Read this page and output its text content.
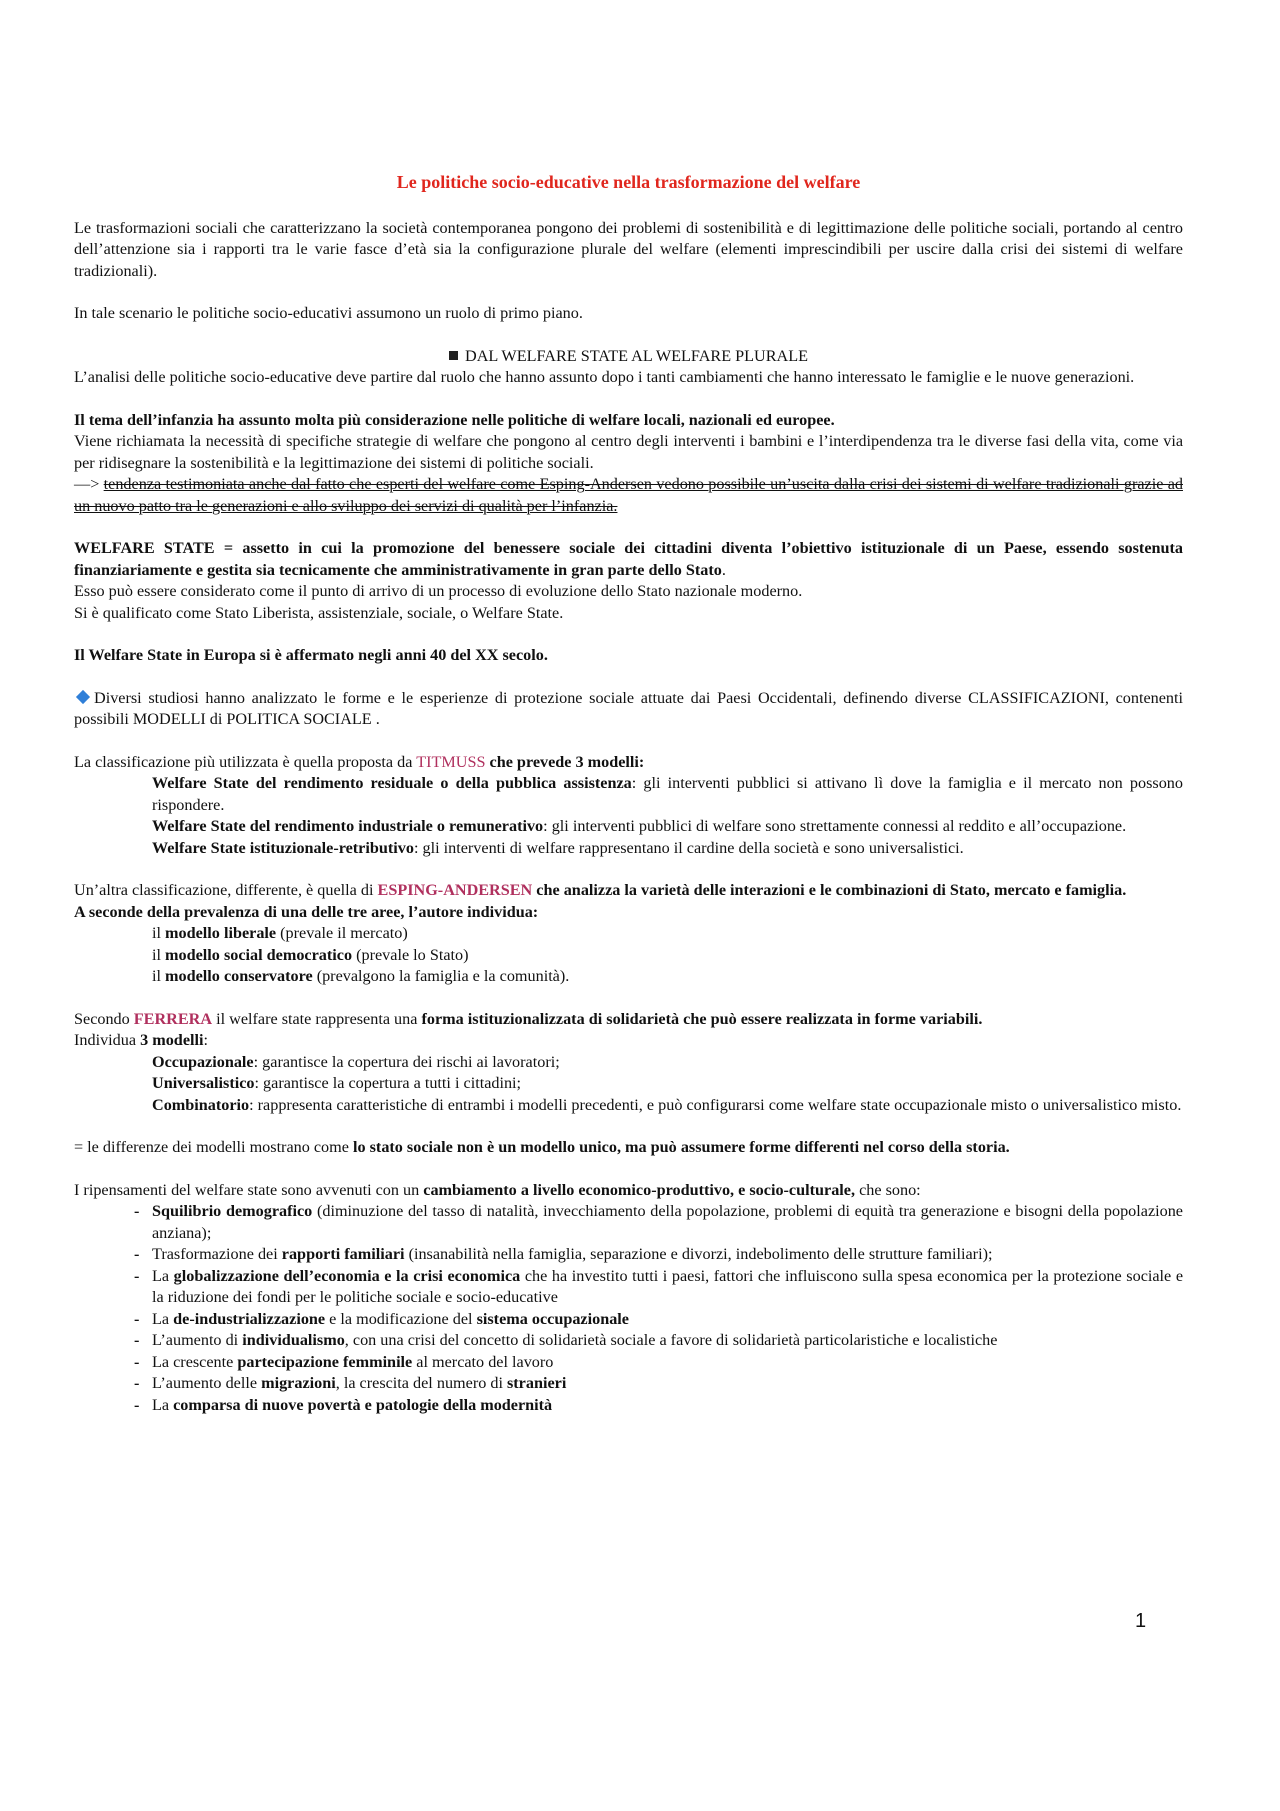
Le politiche socio-educative nella trasformazione del welfare

Le trasformazioni sociali che caratterizzano la società contemporanea pongono dei problemi di sostenibilità e di legittimazione delle politiche sociali, portando al centro dell’attenzione sia i rapporti tra le varie fasce d’età sia la configurazione plurale del welfare (elementi imprescindibili per uscire dalla crisi dei sistemi di welfare tradizionali).

In tale scenario le politiche socio-educativi assumono un ruolo di primo piano.

DAL WELFARE STATE AL WELFARE PLURALE

L’analisi delle politiche socio-educative deve partire dal ruolo che hanno assunto dopo i tanti cambiamenti che hanno interessato le famiglie e le nuove generazioni.

Il tema dell’infanzia ha assunto molta più considerazione nelle politiche di welfare locali, nazionali ed europee.

Viene richiamata la necessità di specifiche strategie di welfare che pongono al centro degli interventi i bambini e l’interdipendenza tra le diverse fasi della vita, come via per ridisegnare la sostenibilità e la legittimazione dei sistemi di politiche sociali.

—> tendenza testimoniata anche dal fatto che esperti del welfare come Esping-Andersen vedono possibile un’uscita dalla crisi dei sistemi di welfare tradizionali grazie ad un nuovo patto tra le generazioni e allo sviluppo dei servizi di qualità per l’infanzia.

WELFARE STATE = assetto in cui la promozione del benessere sociale dei cittadini diventa l’obiettivo istituzionale di un Paese, essendo sostenuta finanziariamente e gestita sia tecnicamente che amministrativamente in gran parte dello Stato.

Esso può essere considerato come il punto di arrivo di un processo di evoluzione dello Stato nazionale moderno.

Si è qualificato come Stato Liberista, assistenziale, sociale, o Welfare State.

Il Welfare State in Europa si è affermato negli anni 40 del XX secolo.

Diversi studiosi hanno analizzato le forme e le esperienze di protezione sociale attuate dai Paesi Occidentali, definendo diverse CLASSIFICAZIONI, contenenti possibili MODELLI di POLITICA SOCIALE .

La classificazione più utilizzata è quella proposta da TITMUSS che prevede 3 modelli:

Welfare State del rendimento residuale o della pubblica assistenza: gli interventi pubblici si attivano lì dove la famiglia e il mercato non possono rispondere.

Welfare State del rendimento industriale o remunerativo: gli interventi pubblici di welfare sono strettamente connessi al reddito e all’occupazione.

Welfare State istituzionale-retributivo: gli interventi di welfare rappresentano il cardine della società e sono universalistici.

Un’altra classificazione, differente, è quella di ESPING-ANDERSEN che analizza la varietà delle interazioni e le combinazioni di Stato, mercato e famiglia.

A seconde della prevalenza di una delle tre aree, l’autore individua:

il modello liberale (prevale il mercato)

il modello social democratico (prevale lo Stato)

il modello conservatore (prevalgono la famiglia e la comunità).

Secondo FERRERA il welfare state rappresenta una forma istituzionalizzata di solidarietà che può essere realizzata in forme variabili.

Individua 3 modelli:

Occupazionale: garantisce la copertura dei rischi ai lavoratori;

Universalistico: garantisce la copertura a tutti i cittadini;

Combinatorio: rappresenta caratteristiche di entrambi i modelli precedenti, e può configurarsi come welfare state occupazionale misto o universalistico misto.

= le differenze dei modelli mostrano come lo stato sociale non è un modello unico, ma può assumere forme differenti nel corso della storia.

I ripensamenti del welfare state sono avvenuti con un cambiamento a livello economico-produttivo, e socio-culturale, che sono:

- Squilibrio demografico (diminuzione del tasso di natalità, invecchiamento della popolazione, problemi di equità tra generazione e bisogni della popolazione anziana);
- Trasformazione dei rapporti familiari (insanabilità nella famiglia, separazione e divorzi, indebolimento delle strutture familiari);
- La globalizzazione dell’economia e la crisi economica che ha investito tutti i paesi, fattori che influiscono sulla spesa economica per la protezione sociale e la riduzione dei fondi per le politiche sociale e socio-educative
- La de-industrializzazione e la modificazione del sistema occupazionale
- L’aumento di individualismo, con una crisi del concetto di solidarietà sociale a favore di solidarietà particolaristiche e localistiche
- La crescente partecipazione femminile al mercato del lavoro
- L’aumento delle migrazioni, la crescita del numero di stranieri
- La comparsa di nuove povertà e patologie della modernità
1
